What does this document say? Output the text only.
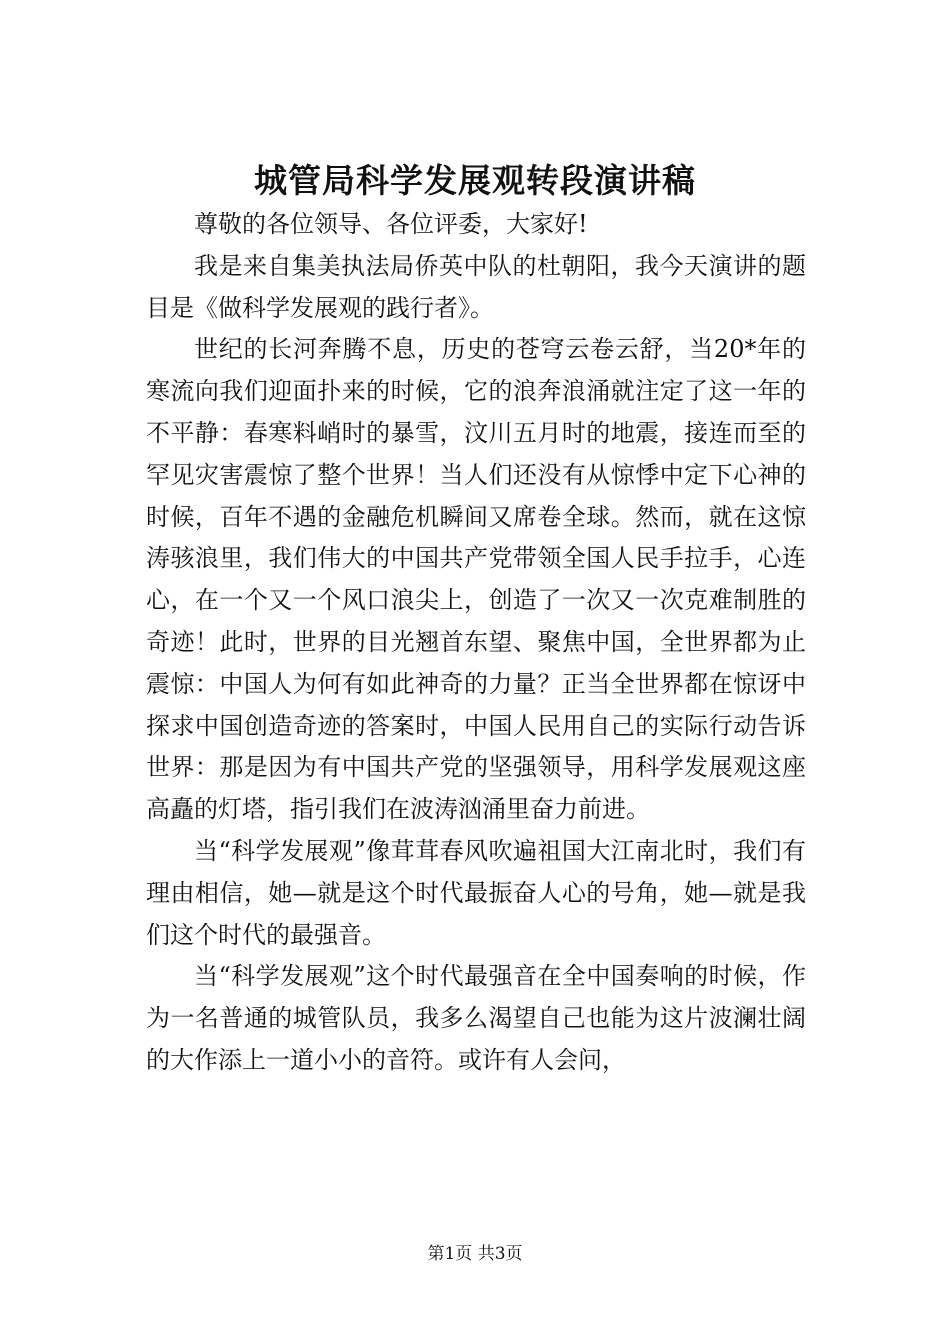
城管局科学发展观转段演讲稿

尊敬的各位领导、各位评委，大家好!

我是来自集美执法局侨英中队的杜朝阳，我今天演讲的题目是《做科学发展观的践行者》。

世纪的长河奔腾不息，历史的苍穹云卷云舒，当20*年的寒流向我们迎面扑来的时候，它的浪奔浪涌就注定了这一年的不平静：春寒料峭时的暴雪，汶川五月时的地震，接连而至的罕见灾害震惊了整个世界！当人们还没有从惊悸中定下心神的时候，百年不遇的金融危机瞬间又席卷全球。然而，就在这惊涛骇浪里，我们伟大的中国共产党带领全国人民手拉手，心连心，在一个又一个风口浪尖上，创造了一次又一次克难制胜的奇迹！此时，世界的目光翘首东望、聚焦中国，全世界都为止震惊：中国人为何有如此神奇的力量？正当全世界都在惊讶中探求中国创造奇迹的答案时，中国人民用自己的实际行动告诉世界：那是因为有中国共产党的坚强领导，用科学发展观这座高矗的灯塔，指引我们在波涛汹涌里奋力前进。

当“科学发展观”像茸茸春风吹遍祖国大江南北时，我们有理由相信，她—就是这个时代最振奋人心的号角，她—就是我们这个时代的最强音。

当“科学发展观”这个时代最强音在全中国奏响的时候，作为一名普通的城管队员，我多么渴望自己也能为这片波澜壮阔的大作添上一道小小的音符。或许有人会问，

第1页 共3页
